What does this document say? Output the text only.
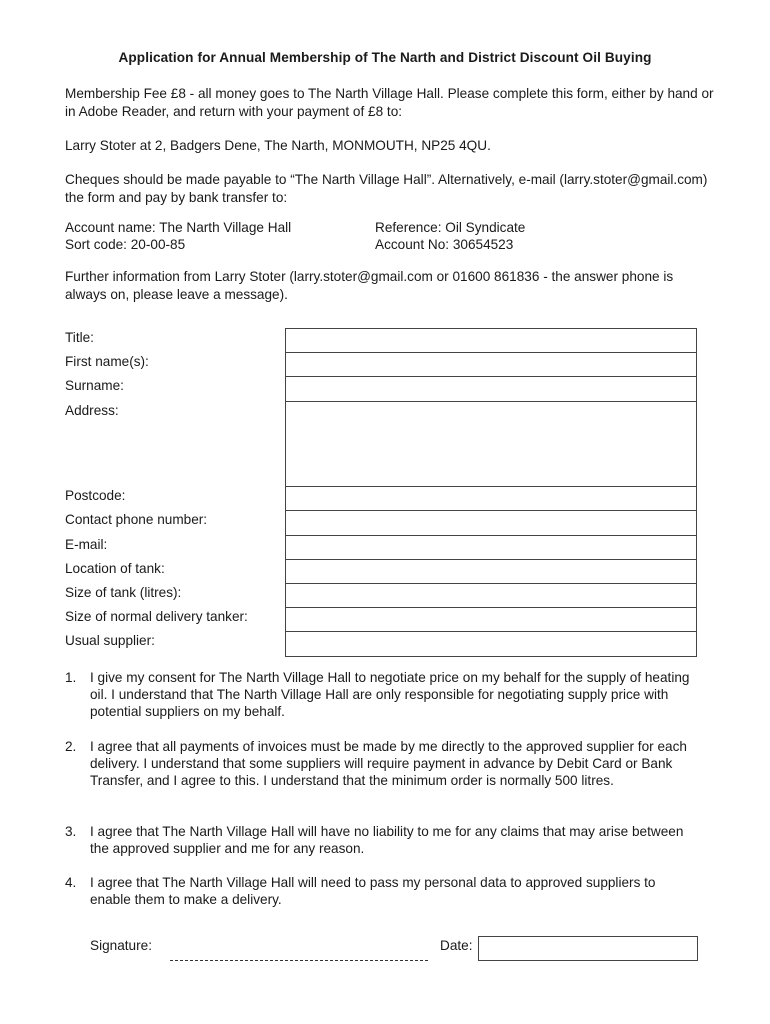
Application for Annual Membership of The Narth and District Discount Oil Buying
Membership Fee £8 - all money goes to The Narth Village Hall. Please complete this form, either by hand or in Adobe Reader, and return with your payment of £8 to:
Larry Stoter at 2, Badgers Dene, The Narth, MONMOUTH, NP25 4QU.
Cheques should be made payable to “The Narth Village Hall”. Alternatively, e-mail (larry.stoter@gmail.com) the form and pay by bank transfer to:
Account name: The Narth Village Hall
Sort code: 20-00-85
Reference: Oil Syndicate
Account No: 30654523
Further information from Larry Stoter (larry.stoter@gmail.com or 01600 861836 - the answer phone is always on, please leave a message).
Title:
First name(s):
Surname:
Address:
Postcode:
Contact phone number:
E-mail:
Location of tank:
Size of tank (litres):
Size of normal delivery tanker:
Usual supplier:
1. I give my consent for The Narth Village Hall to negotiate price on my behalf for the supply of heating oil. I understand that The Narth Village Hall are only responsible for negotiating supply price with potential suppliers on my behalf.
2. I agree that all payments of invoices must be made by me directly to the approved supplier for each delivery. I understand that some suppliers will require payment in advance by Debit Card or Bank Transfer, and I agree to this. I understand that the minimum order is normally 500 litres.
3. I agree that The Narth Village Hall will have no liability to me for any claims that may arise between the approved supplier and me for any reason.
4. I agree that The Narth Village Hall will need to pass my personal data to approved suppliers to enable them to make a delivery.
Signature:	Date:
